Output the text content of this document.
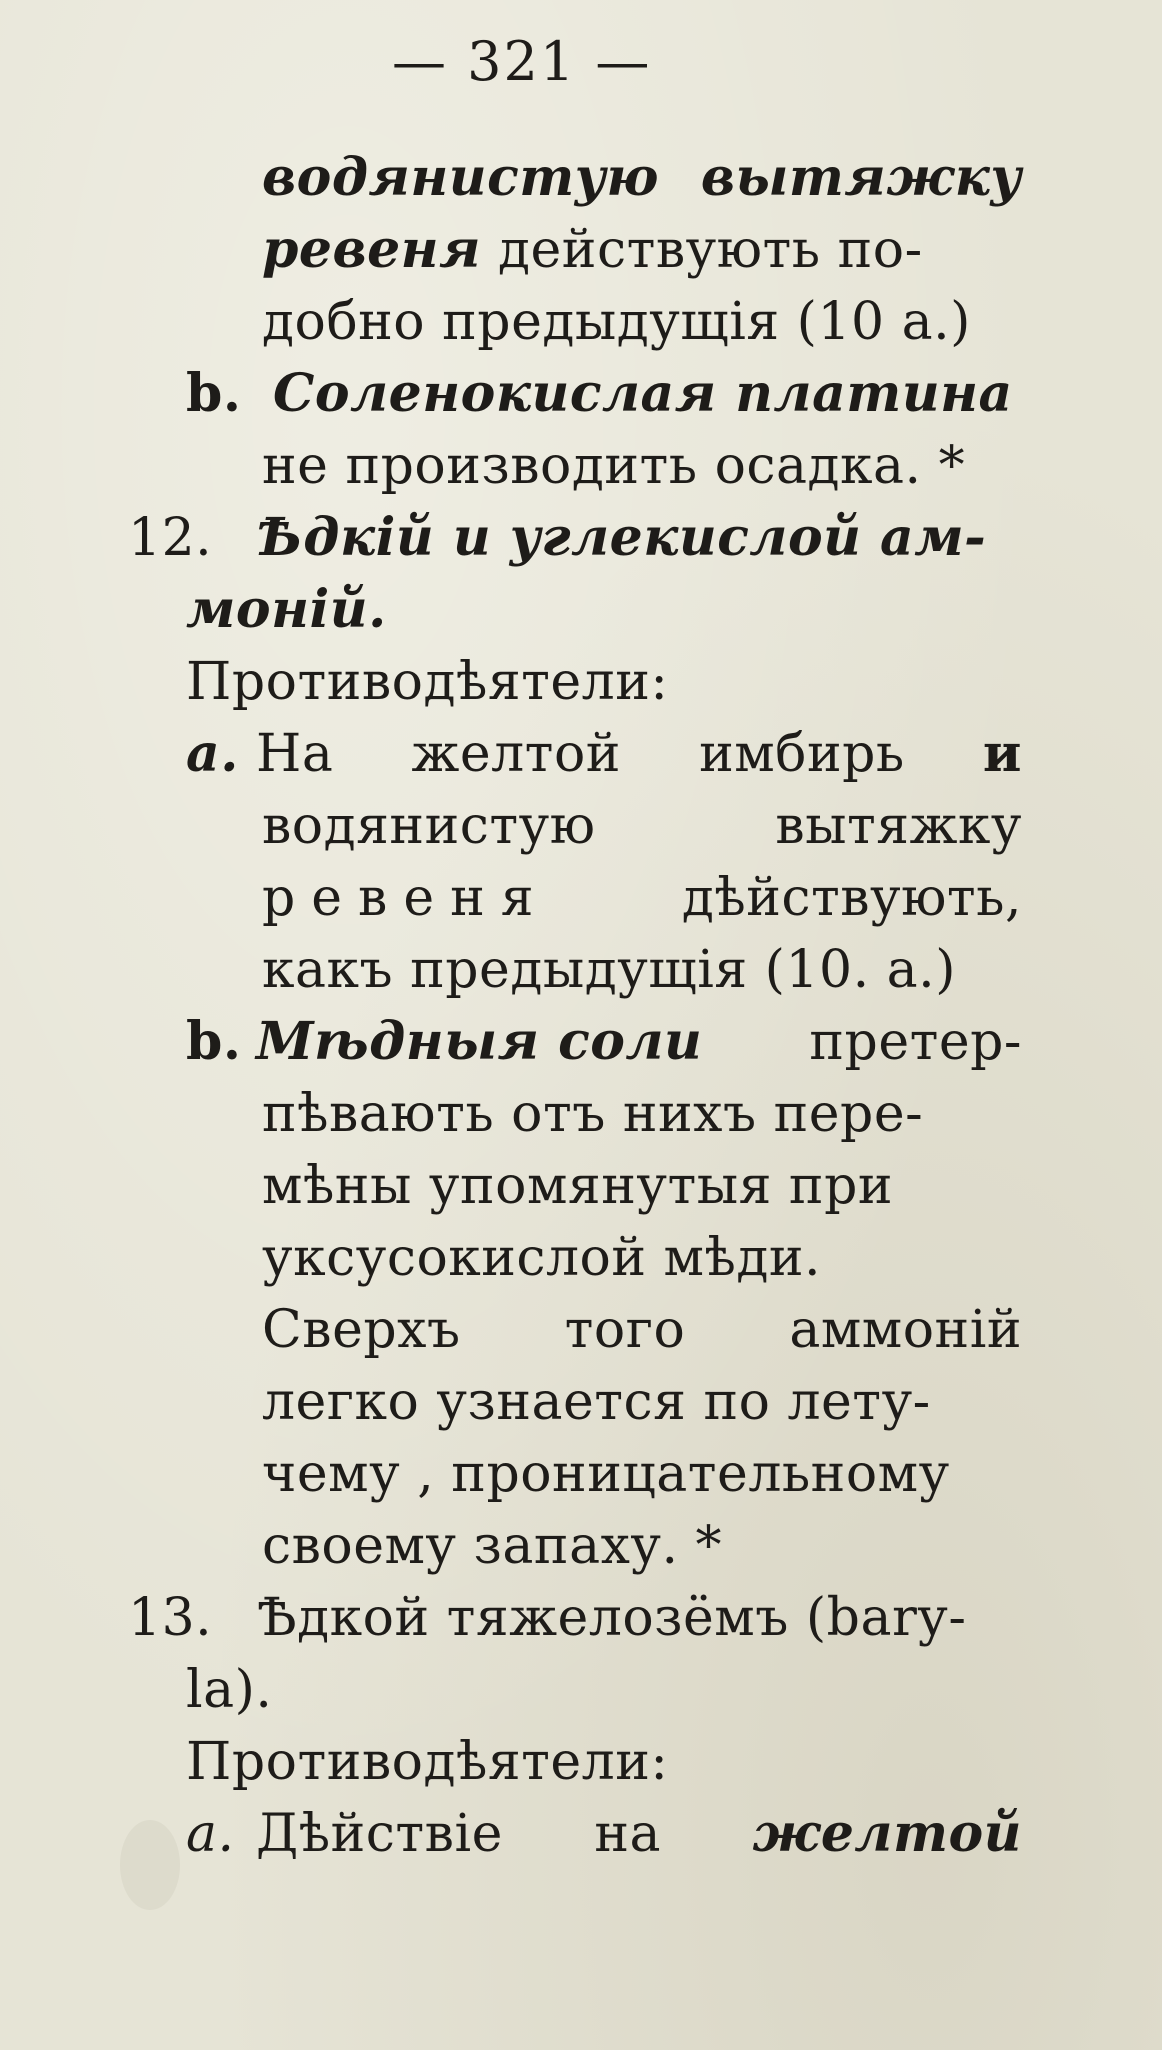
— 321 —
водянистую вытяжку
ревеня действують по-
добно предыдущія (10 a.)
b. Соленокислая платина
не производить осадка. *
12. Ѣдкій и углекислой ам-
моній.
Противодѣятели:
a. На желтой имбирь и
водянистую	вытяжку
ревеня	дѣйствують,
какъ предыдущія (10. a.)
b. Мѣдныя соли претер-
пѣвають отъ нихъ пере-
мѣны упомянутыя при
уксусокислой мѣди.
Сверхъ того аммоній
легко узнаетcя по лету-
чему , проницательному
своему запаху. *
13. Ѣдкой тяжелозёмъ (barу-
la).
Противодѣятели:
a. Дѣйствіе на желтой
